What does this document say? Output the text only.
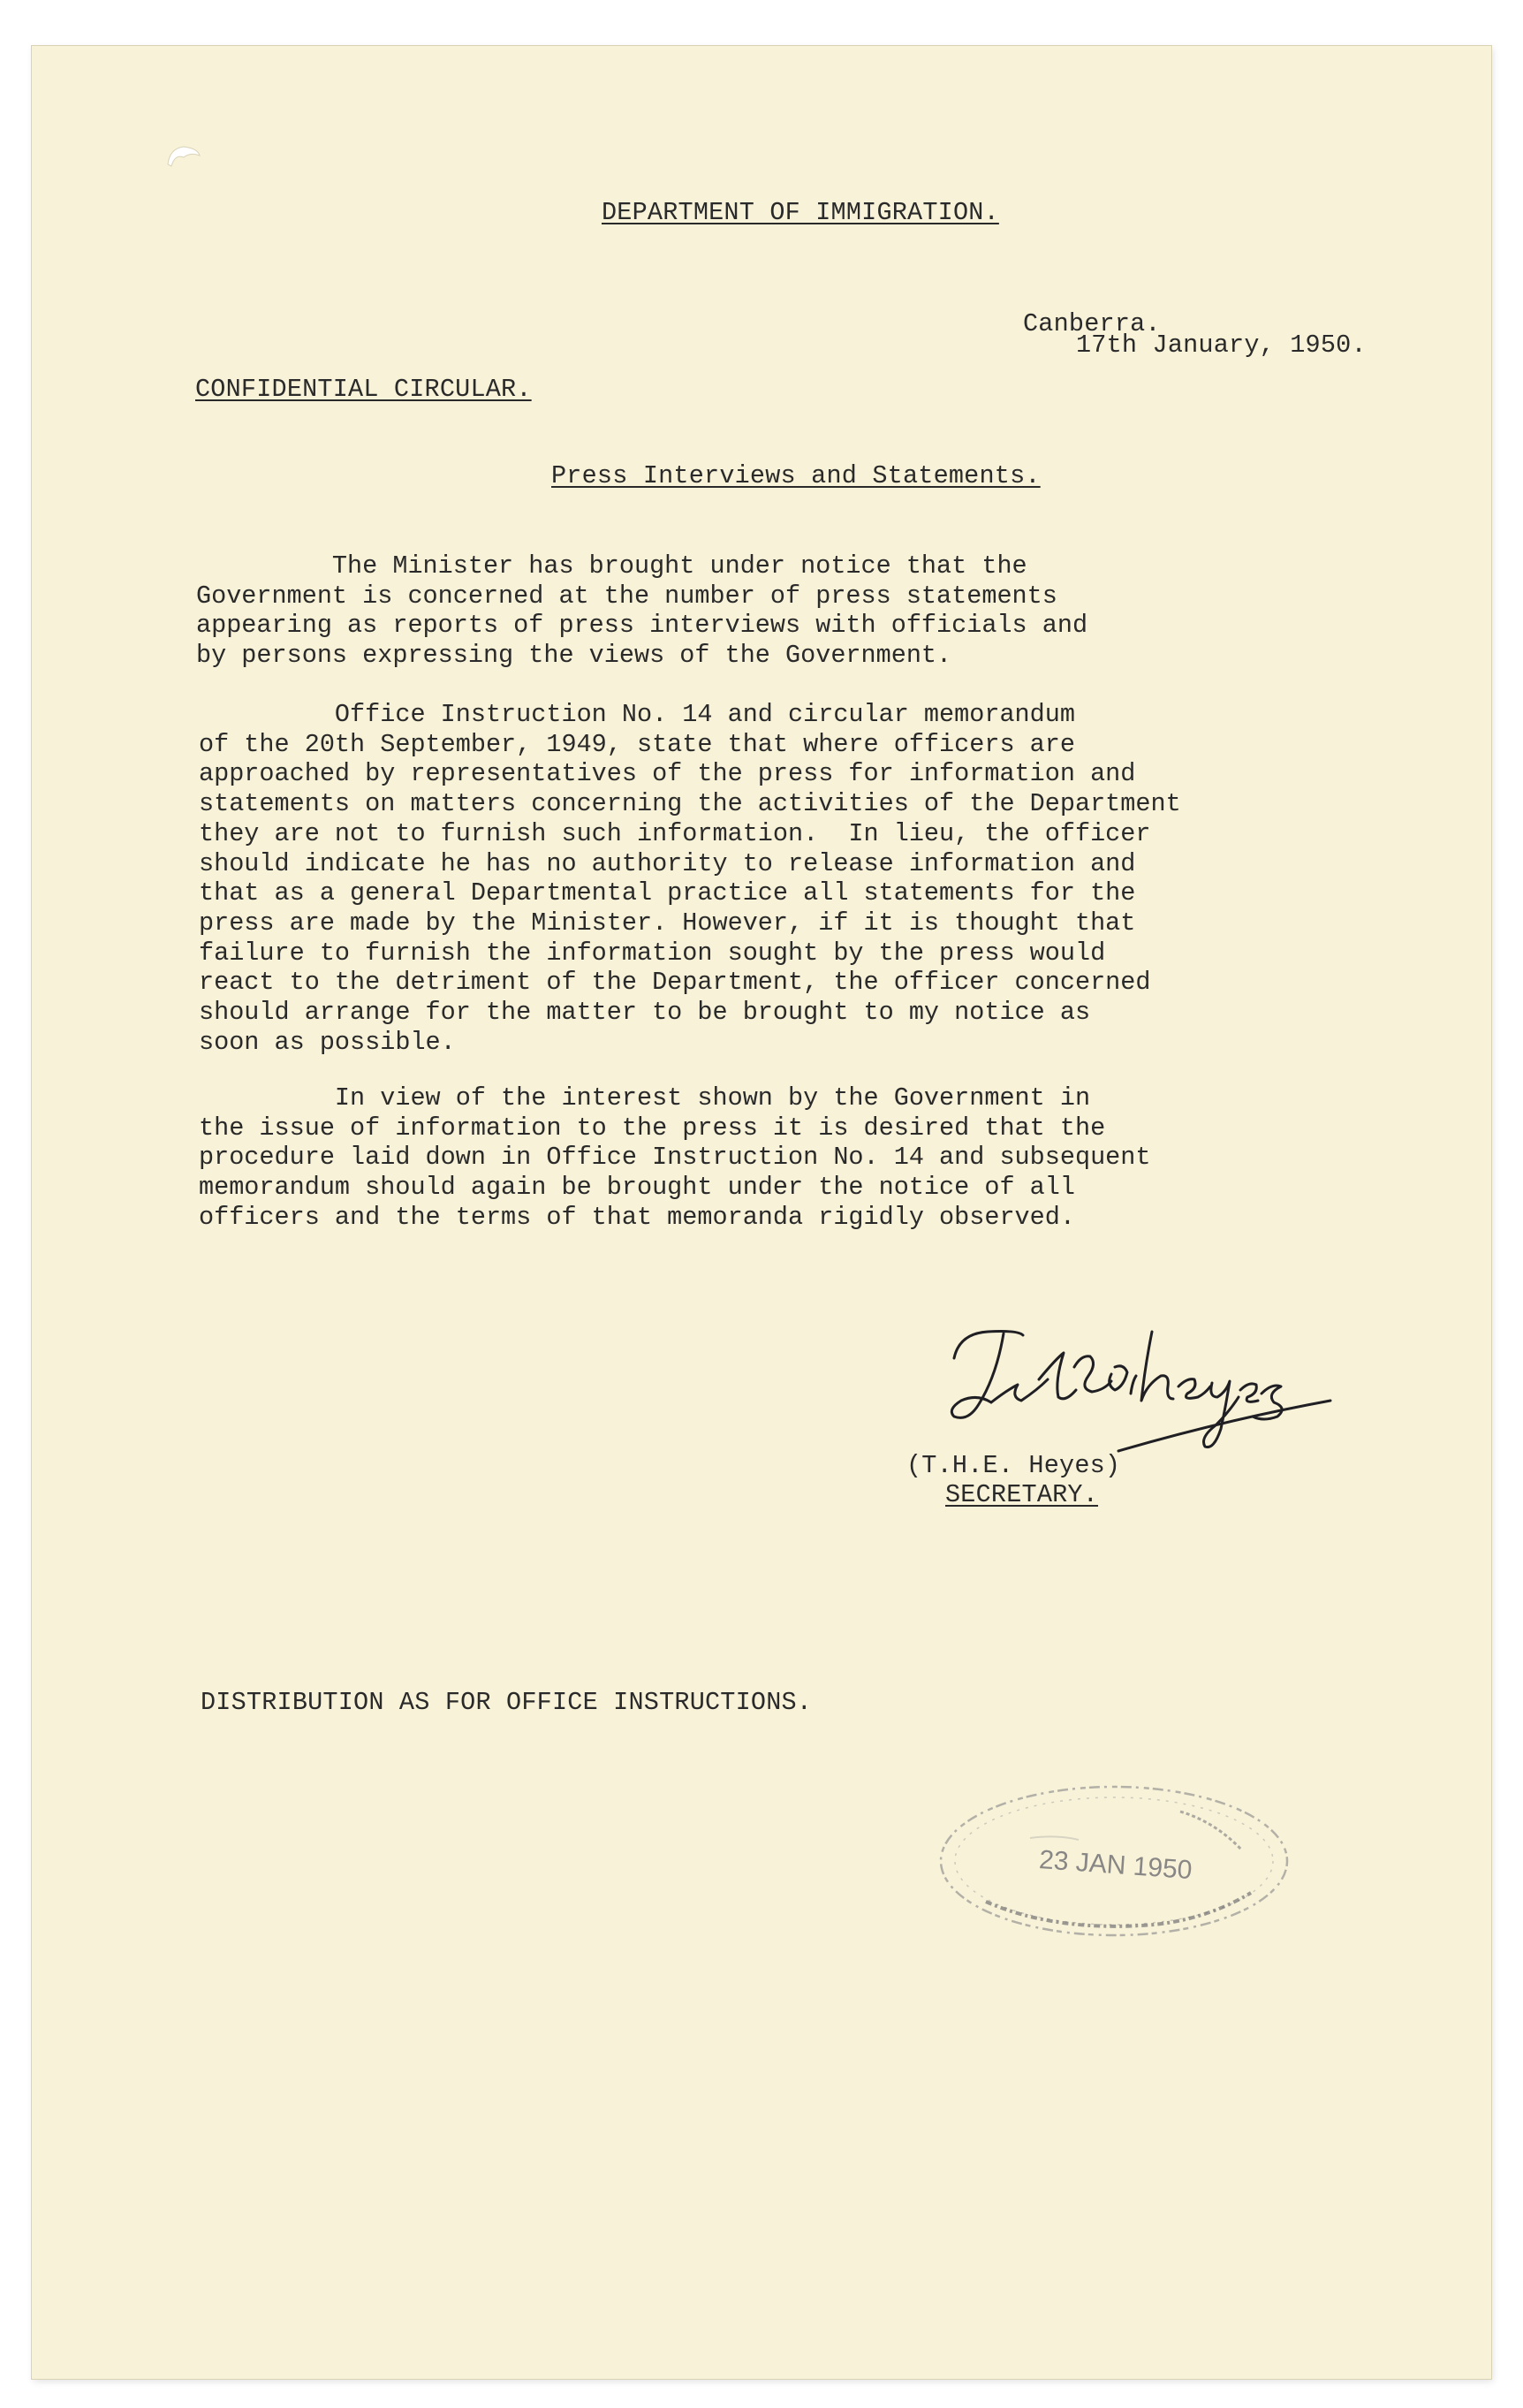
DEPARTMENT OF IMMIGRATION.
Canberra.
17th January, 1950.
CONFIDENTIAL CIRCULAR.
Press Interviews and Statements.
The Minister has brought under notice that the
Government is concerned at the number of press statements
appearing as reports of press interviews with officials and
by persons expressing the views of the Government.
Office Instruction No. 14 and circular memorandum
of the 20th September, 1949, state that where officers are
approached by representatives of the press for information and
statements on matters concerning the activities of the Department
they are not to furnish such information.  In lieu, the officer
should indicate he has no authority to release information and
that as a general Departmental practice all statements for the
press are made by the Minister. However, if it is thought that
failure to furnish the information sought by the press would
react to the detriment of the Department, the officer concerned
should arrange for the matter to be brought to my notice as
soon as possible.
In view of the interest shown by the Government in
the issue of information to the press it is desired that the
procedure laid down in Office Instruction No. 14 and subsequent
memorandum should again be brought under the notice of all
officers and the terms of that memoranda rigidly observed.
(T.H.E. Heyes)
SECRETARY.
DISTRIBUTION AS FOR OFFICE INSTRUCTIONS.
23 JAN 1950
